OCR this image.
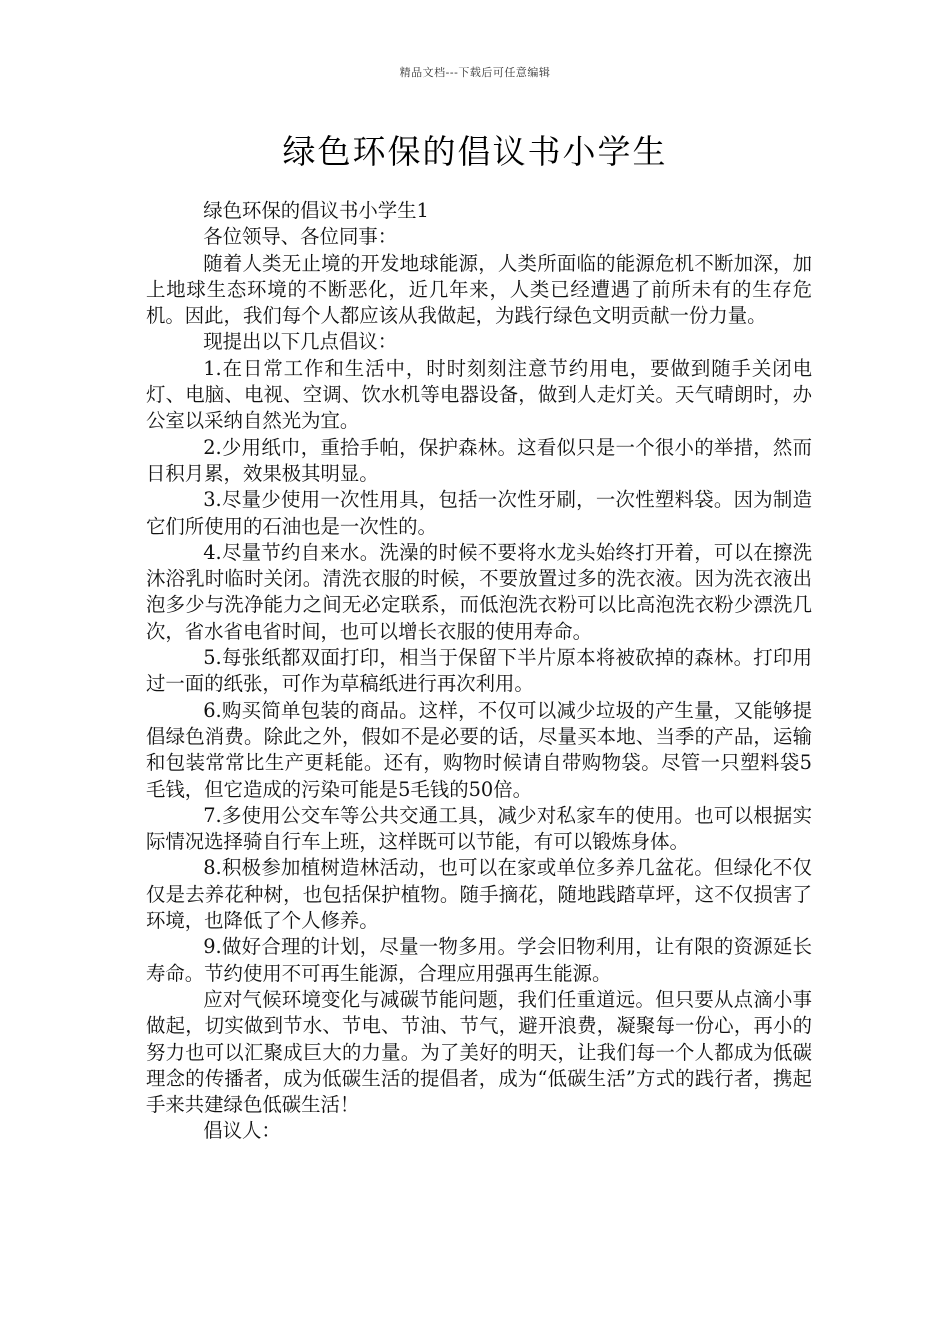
精品文档---下载后可任意编辑
绿色环保的倡议书小学生

绿色环保的倡议书小学生1

各位领导、各位同事：

随着人类无止境的开发地球能源，人类所面临的能源危机不断加深，加上地球生态环境的不断恶化，近几年来，人类已经遭遇了前所未有的生存危机。因此，我们每个人都应该从我做起，为践行绿色文明贡献一份力量。

现提出以下几点倡议：

1.在日常工作和生活中，时时刻刻注意节约用电，要做到随手关闭电灯、电脑、电视、空调、饮水机等电器设备，做到人走灯关。天气晴朗时，办公室以采纳自然光为宜。

2.少用纸巾，重拾手帕，保护森林。这看似只是一个很小的举措，然而日积月累，效果极其明显。

3.尽量少使用一次性用具，包括一次性牙刷，一次性塑料袋。因为制造它们所使用的石油也是一次性的。

4.尽量节约自来水。洗澡的时候不要将水龙头始终打开着，可以在擦洗沐浴乳时临时关闭。清洗衣服的时候，不要放置过多的洗衣液。因为洗衣液出泡多少与洗净能力之间无必定联系，而低泡洗衣粉可以比高泡洗衣粉少漂洗几次，省水省电省时间，也可以增长衣服的使用寿命。

5.每张纸都双面打印，相当于保留下半片原本将被砍掉的森林。打印用过一面的纸张，可作为草稿纸进行再次利用。

6.购买简单包装的商品。这样，不仅可以减少垃圾的产生量，又能够提倡绿色消费。除此之外，假如不是必要的话，尽量买本地、当季的产品，运输和包装常常比生产更耗能。还有，购物时候请自带购物袋。尽管一只塑料袋5毛钱，但它造成的污染可能是5毛钱的50倍。

7.多使用公交车等公共交通工具，减少对私家车的使用。也可以根据实际情况选择骑自行车上班，这样既可以节能，有可以锻炼身体。

8.积极参加植树造林活动，也可以在家或单位多养几盆花。但绿化不仅仅是去养花种树，也包括保护植物。随手摘花，随地践踏草坪，这不仅损害了环境，也降低了个人修养。

9.做好合理的计划，尽量一物多用。学会旧物利用，让有限的资源延长寿命。节约使用不可再生能源，合理应用强再生能源。

应对气候环境变化与减碳节能问题，我们任重道远。但只要从点滴小事做起，切实做到节水、节电、节油、节气，避开浪费，凝聚每一份心，再小的努力也可以汇聚成巨大的力量。为了美好的明天，让我们每一个人都成为低碳理念的传播者，成为低碳生活的提倡者，成为“低碳生活”方式的践行者，携起手来共建绿色低碳生活！

倡议人：
